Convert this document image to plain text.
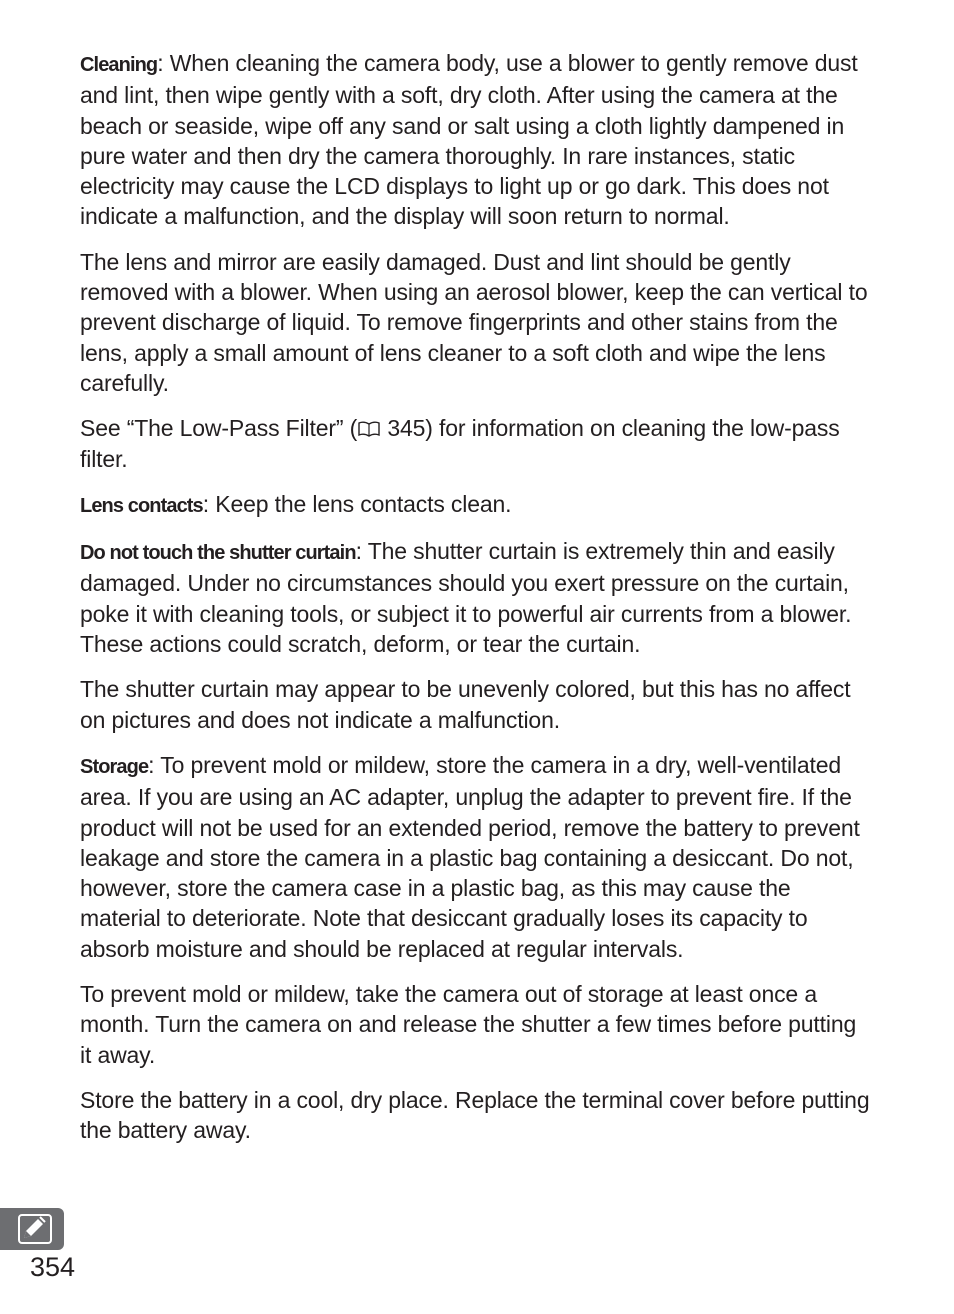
Cleaning: When cleaning the camera body, use a blower to gently remove dust and lint, then wipe gently with a soft, dry cloth. After using the camera at the beach or seaside, wipe off any sand or salt using a cloth lightly dampened in pure water and then dry the camera thoroughly. In rare instances, static electricity may cause the LCD displays to light up or go dark. This does not indicate a malfunction, and the display will soon return to normal.

The lens and mirror are easily damaged. Dust and lint should be gently removed with a blower. When using an aerosol blower, keep the can vertical to prevent discharge of liquid. To remove fingerprints and other stains from the lens, apply a small amount of lens cleaner to a soft cloth and wipe the lens carefully.

See “The Low-Pass Filter” ( 345) for information on cleaning the low-pass filter.

Lens contacts: Keep the lens contacts clean.

Do not touch the shutter curtain: The shutter curtain is extremely thin and easily damaged. Under no circumstances should you exert pressure on the curtain, poke it with cleaning tools, or subject it to powerful air currents from a blower. These actions could scratch, deform, or tear the curtain.

The shutter curtain may appear to be unevenly colored, but this has no affect on pictures and does not indicate a malfunction.

Storage: To prevent mold or mildew, store the camera in a dry, well-ventilated area. If you are using an AC adapter, unplug the adapter to prevent fire. If the product will not be used for an extended period, remove the battery to prevent leakage and store the camera in a plastic bag containing a desiccant. Do not, however, store the camera case in a plastic bag, as this may cause the material to deteriorate. Note that desiccant gradually loses its capacity to absorb moisture and should be replaced at regular intervals.

To prevent mold or mildew, take the camera out of storage at least once a month. Turn the camera on and release the shutter a few times before putting it away.

Store the battery in a cool, dry place. Replace the terminal cover before putting the battery away.

354
